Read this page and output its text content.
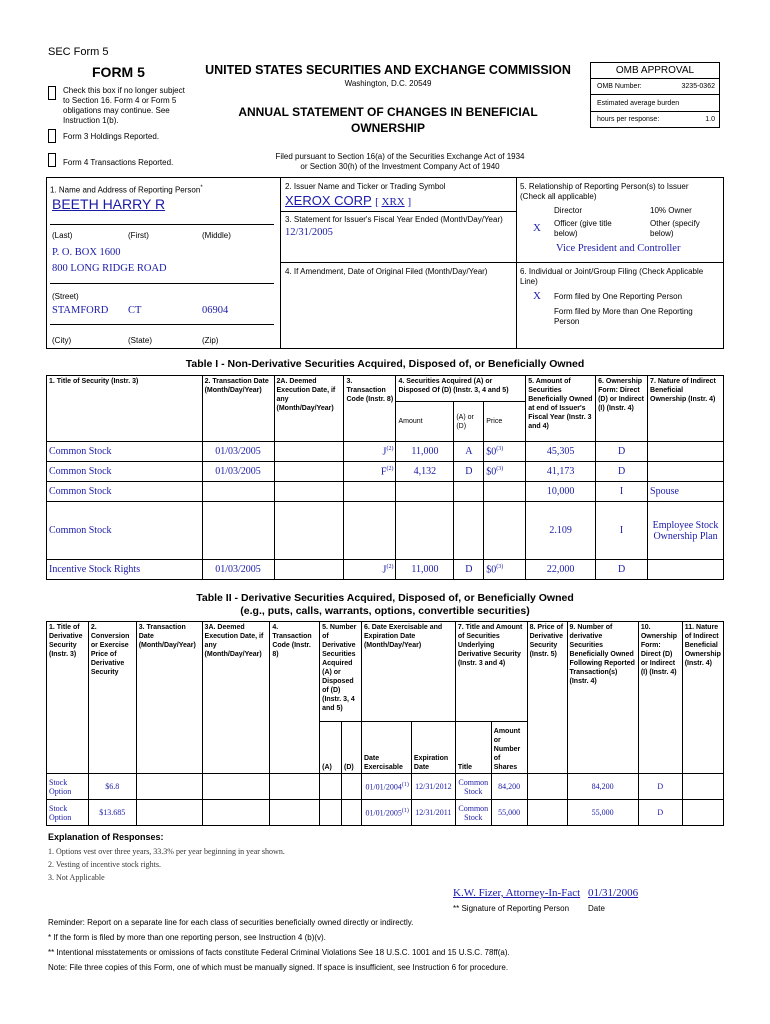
SEC Form 5
FORM 5	UNITED STATES SECURITIES AND EXCHANGE COMMISSION
Washington, D.C. 20549
ANNUAL STATEMENT OF CHANGES IN BENEFICIAL OWNERSHIP
Check this box if no longer subject to Section 16. Form 4 or Form 5 obligations may continue. See Instruction 1(b).
Form 3 Holdings Reported.
Form 4 Transactions Reported.
Filed pursuant to Section 16(a) of the Securities Exchange Act of 1934
or Section 30(h) of the Investment Company Act of 1940
OMB APPROVAL
OMB Number:	3235-0362
Estimated average burden
hours per response:	1.0
1. Name and Address of Reporting Person*
BEETH HARRY R
(Last)	(First)	(Middle)
P. O. BOX 1600
800 LONG RIDGE ROAD
(Street)
STAMFORD CT	06904
(City)	(State)	(Zip)
2. Issuer Name and Ticker or Trading Symbol
XEROX CORP [ XRX ]
3. Statement for Issuer's Fiscal Year Ended (Month/Day/Year)
12/31/2005
4. If Amendment, Date of Original Filed (Month/Day/Year)
5. Relationship of Reporting Person(s) to Issuer
(Check all applicable)
Director	10% Owner
X Officer (give title below)
Other (specify below)
Vice President and Controller
6. Individual or Joint/Group Filing (Check Applicable Line)
X Form filed by One Reporting Person
Form filed by More than One Reporting Person
Table I - Non-Derivative Securities Acquired, Disposed of, or Beneficially Owned
1. Title of Security (Instr. 3)	2. Transaction Date (Month/Day/Year)	2A. Deemed Execution Date, if any (Month/Day/Year)	3. Transaction Code (Instr. 8)	4. Securities Acquired (A) or Disposed Of (D) (Instr. 3, 4 and 5)			5. Amount of Securities Beneficially Owned at end of Issuer's Fiscal Year (Instr. 3 and 4)	6. Ownership Form: Direct (D) or Indirect (I) (Instr. 4)	7. Nature of Indirect Beneficial Ownership (Instr. 4)
				Amount	(A) or (D)	Price			
Common Stock	01/03/2005		$J^{(2)}$	11,000	A	$0$^{(3)}$	45,305	D	
Common Stock	01/03/2005		$F^{(2)}$	4,132	D	$0$^{(3)}$	41,173	D	
Common Stock							10,000	I	Spouse
Common Stock							2.109	I	Employee Stock Ownership Plan
Incentive Stock Rights	01/03/2005		$J^{(2)}$	11,000	D	$0$^{(3)}$	22,000	D	
Table II - Derivative Securities Acquired, Disposed of, or Beneficially Owned
(e.g., puts, calls, warrants, options, convertible securities)
1. Title of Derivative Security (Instr. 3)	2. Conversion or Exercise Price of Derivative Security	3. Transaction Date (Month/Day/Year)	3A. Deemed Execution Date, if any (Month/Day/Year)	4. Transaction Code (Instr. 8)	5. Number of Derivative Securities Acquired (A) or Disposed of (D) (Instr. 3, 4 and 5)		6. Date Exercisable and Expiration Date (Month/Day/Year)		7. Title and Amount of Securities Underlying Derivative Security (Instr. 3 and 4)		8. Price of Derivative Security (Instr. 5)	9. Number of derivative Securities Beneficially Owned Following Reported Transaction(s) (Instr. 4)	10. Ownership Form: Direct (D) or Indirect (I) (Instr. 4)	11. Nature of Indirect Beneficial Ownership (Instr. 4)
					(A)	(D)	Date Exercisable	Expiration Date	Title	Amount or Number of Shares				
Stock Option	$6.8						01/01/2004$^{(1)}$	12/31/2012	Common Stock	84,200		84,200	D	
Stock Option	$13.685						01/01/2005$^{(1)}$	12/31/2011	Common Stock	55,000		55,000	D	
Explanation of Responses:
1. Options vest over three years, 33.3% per year beginning in year shown.
2. Vesting of incentive stock rights.
3. Not Applicable
K.W. Fizer, Attorney-In-Fact 01/31/2006
** Signature of Reporting Person Date
Reminder: Report on a separate line for each class of securities beneficially owned directly or indirectly.
* If the form is filed by more than one reporting person, see Instruction 4 (b)(v).
** Intentional misstatements or omissions of facts constitute Federal Criminal Violations See 18 U.S.C. 1001 and 15 U.S.C. 78ff(a).
Note: File three copies of this Form, one of which must be manually signed. If space is insufficient, see Instruction 6 for procedure.
